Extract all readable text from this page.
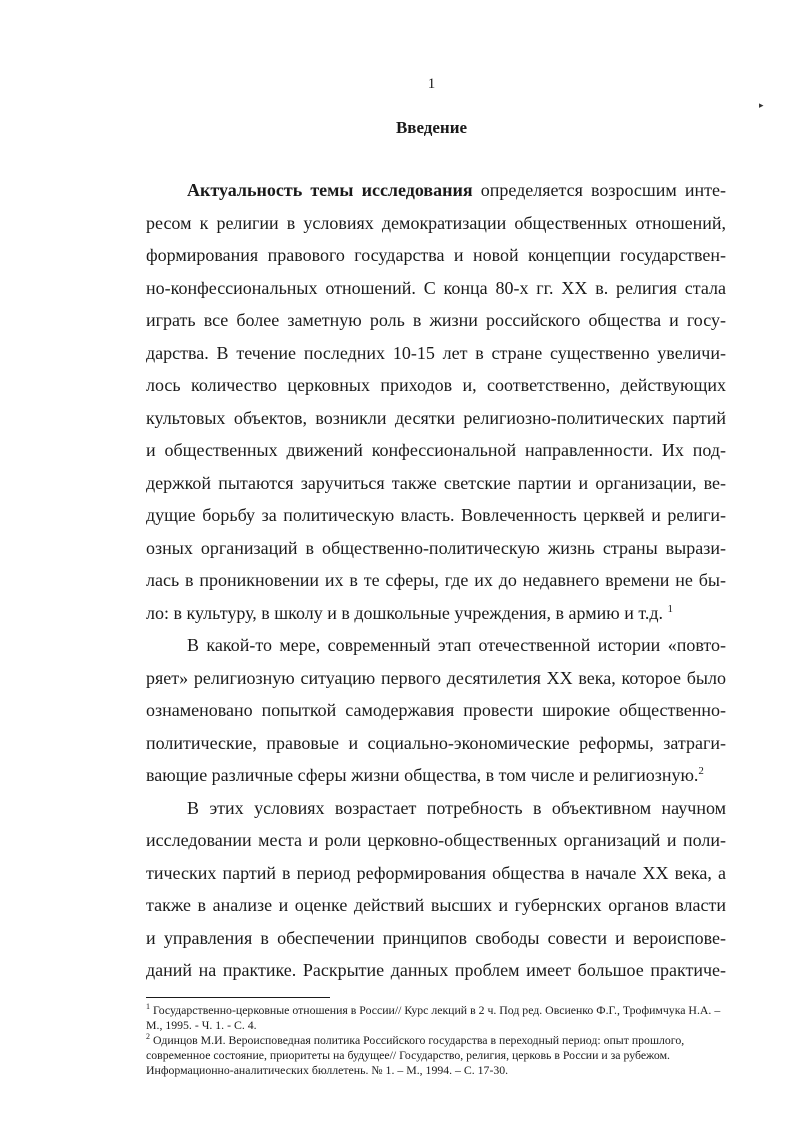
1
▸
Введение

Актуальность темы исследования определяется возросшим инте-
ресом к религии в условиях демократизации общественных отношений,
формирования правового государства и новой концепции государствен-
но-конфессиональных отношений. С конца 80-х гг. XX в. религия стала
играть все более заметную роль в жизни российского общества и госу-
дарства. В течение последних 10-15 лет в стране существенно увеличи-
лось количество церковных приходов и, соответственно, действующих
культовых объектов, возникли десятки религиозно-политических партий
и общественных движений конфессиональной направленности. Их под-
держкой пытаются заручиться также светские партии и организации, ве-
дущие борьбу за политическую власть. Вовлеченность церквей и религи-
озных организаций в общественно-политическую жизнь страны вырази-
лась в проникновении их в те сферы, где их до недавнего времени не бы-
ло: в культуру, в школу и в дошкольные учреждения, в армию и т.д. $^1$

В какой-то мере, современный этап отечественной истории «повто-
ряет» религиозную ситуацию первого десятилетия XX века, которое было
ознаменовано попыткой самодержавия провести широкие общественно-
политические, правовые и социально-экономические реформы, затраги-
вающие различные сферы жизни общества, в том числе и религиозную.$^2$

В этих условиях возрастает потребность в объективном научном
исследовании места и роли церковно-общественных организаций и поли-
тических партий в период реформирования общества в начале XX века, а
также в анализе и оценке действий высших и губернских органов власти
и управления в обеспечении принципов свободы совести и вероиспове-
даний на практике. Раскрытие данных проблем имеет большое практиче-

$^1$ Государственно-церковные отношения в России// Курс лекций в 2 ч. Под ред. Овсиенко Ф.Г., Трофимчука Н.А. – М., 1995. - Ч. 1. - С. 4.

$^2$ Одинцов М.И. Вероисповедная политика Российского государства в переходный период: опыт прошлого, современное состояние, приоритеты на будущее// Государство, религия, церковь в России и за рубежом. Информационно-аналитических бюллетень. № 1. – М., 1994. – С. 17-30.
